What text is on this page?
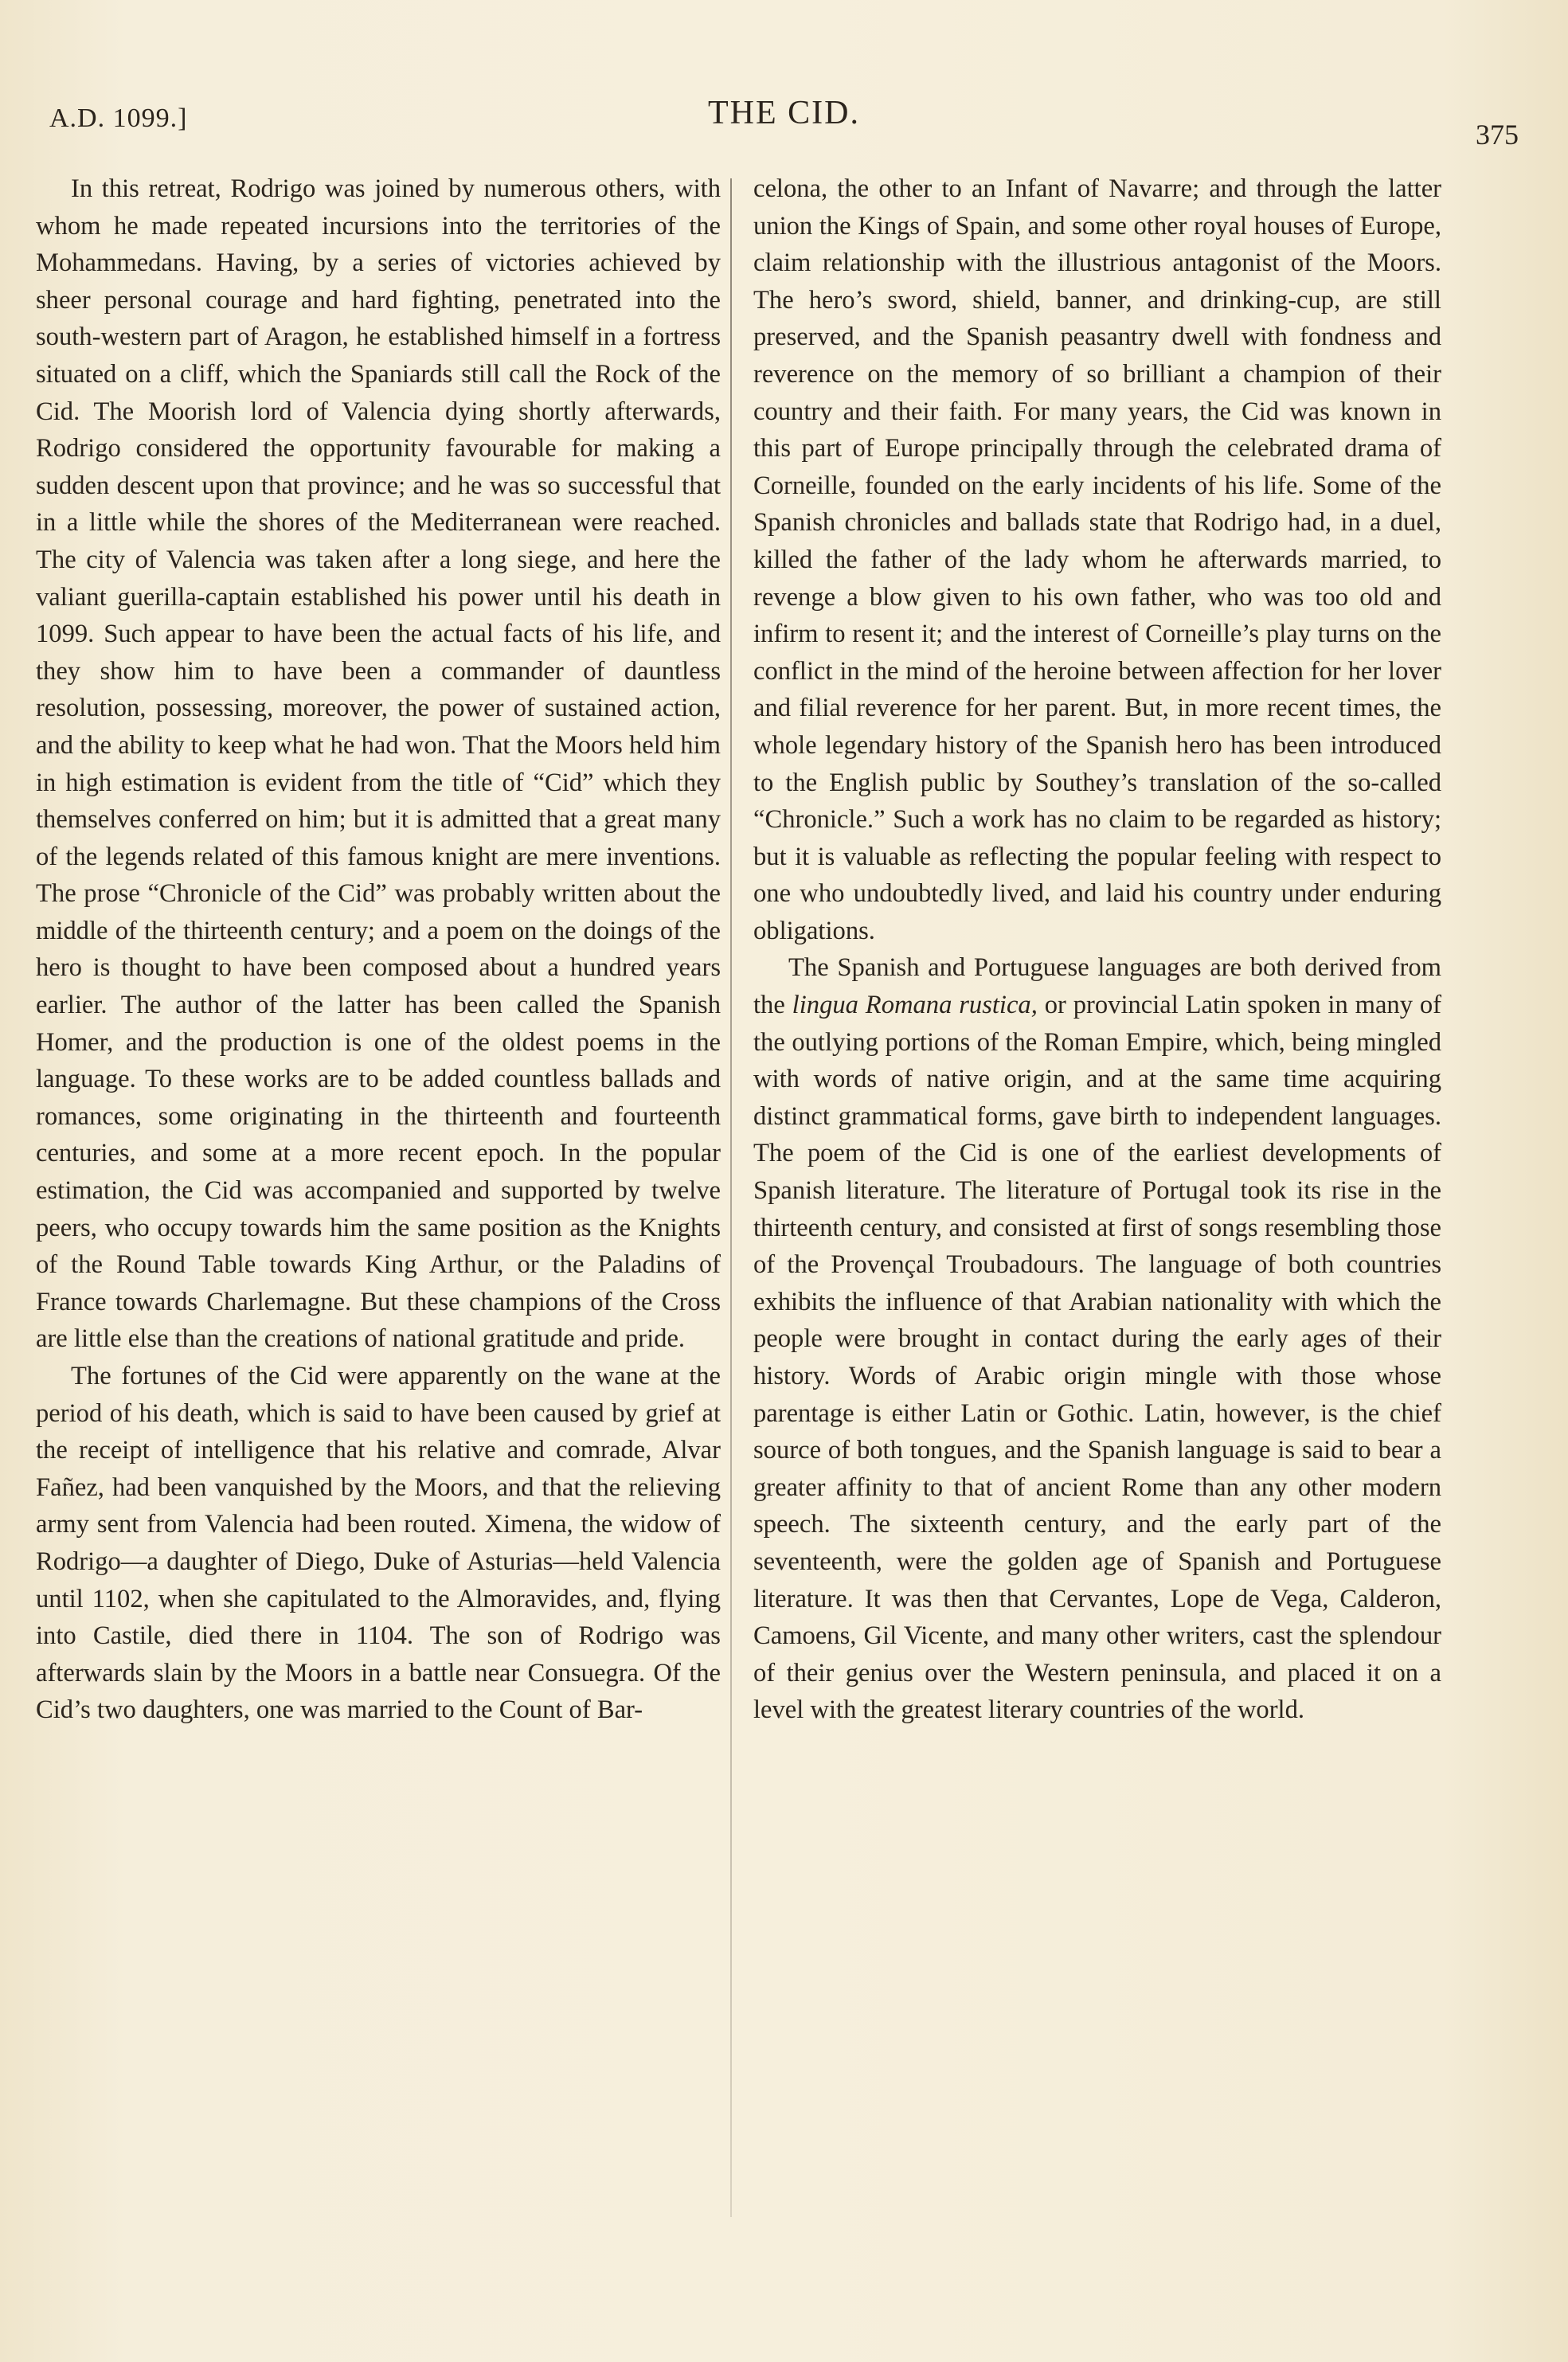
A.D. 1099.]	THE CID.
375

In this retreat, Rodrigo was joined by numerous others, with whom he made repeated incursions into the territories of the Mohammedans. Having, by a series of victories achieved by sheer personal courage and hard fighting, penetrated into the south-western part of Aragon, he established himself in a fortress situated on a cliff, which the Spaniards still call the Rock of the Cid. The Moorish lord of Valencia dying shortly afterwards, Rodrigo considered the opportunity favourable for making a sudden descent upon that province; and he was so successful that in a little while the shores of the Mediterranean were reached. The city of Valencia was taken after a long siege, and here the valiant guerilla-captain established his power until his death in 1099. Such appear to have been the actual facts of his life, and they show him to have been a commander of dauntless resolution, possessing, moreover, the power of sustained action, and the ability to keep what he had won. That the Moors held him in high estimation is evident from the title of “Cid” which they themselves conferred on him; but it is admitted that a great many of the legends related of this famous knight are mere inventions. The prose “Chronicle of the Cid” was probably written about the middle of the thirteenth century; and a poem on the doings of the hero is thought to have been composed about a hundred years earlier. The author of the latter has been called the Spanish Homer, and the production is one of the oldest poems in the language. To these works are to be added countless ballads and romances, some originating in the thirteenth and fourteenth centuries, and some at a more recent epoch. In the popular estimation, the Cid was accompanied and supported by twelve peers, who occupy towards him the same position as the Knights of the Round Table towards King Arthur, or the Paladins of France towards Charlemagne. But these champions of the Cross are little else than the creations of national gratitude and pride.

The fortunes of the Cid were apparently on the wane at the period of his death, which is said to have been caused by grief at the receipt of intelligence that his relative and comrade, Alvar Fañez, had been vanquished by the Moors, and that the relieving army sent from Valencia had been routed. Ximena, the widow of Rodrigo—a daughter of Diego, Duke of Asturias—held Valencia until 1102, when she capitulated to the Almoravides, and, flying into Castile, died there in 1104. The son of Rodrigo was afterwards slain by the Moors in a battle near Consuegra. Of the Cid’s two daughters, one was married to the Count of Bar-

celona, the other to an Infant of Navarre; and through the latter union the Kings of Spain, and some other royal houses of Europe, claim relationship with the illustrious antagonist of the Moors. The hero’s sword, shield, banner, and drinking-cup, are still preserved, and the Spanish peasantry dwell with fondness and reverence on the memory of so brilliant a champion of their country and their faith. For many years, the Cid was known in this part of Europe principally through the celebrated drama of Corneille, founded on the early incidents of his life. Some of the Spanish chronicles and ballads state that Rodrigo had, in a duel, killed the father of the lady whom he afterwards married, to revenge a blow given to his own father, who was too old and infirm to resent it; and the interest of Corneille’s play turns on the conflict in the mind of the heroine between affection for her lover and filial reverence for her parent. But, in more recent times, the whole legendary history of the Spanish hero has been introduced to the English public by Southey’s translation of the so-called “Chronicle.” Such a work has no claim to be regarded as history; but it is valuable as reflecting the popular feeling with respect to one who undoubtedly lived, and laid his country under enduring obligations.

The Spanish and Portuguese languages are both derived from the lingua Romana rustica, or provincial Latin spoken in many of the outlying portions of the Roman Empire, which, being mingled with words of native origin, and at the same time acquiring distinct grammatical forms, gave birth to independent languages. The poem of the Cid is one of the earliest developments of Spanish literature. The literature of Portugal took its rise in the thirteenth century, and consisted at first of songs resembling those of the Provençal Troubadours. The language of both countries exhibits the influence of that Arabian nationality with which the people were brought in contact during the early ages of their history. Words of Arabic origin mingle with those whose parentage is either Latin or Gothic. Latin, however, is the chief source of both tongues, and the Spanish language is said to bear a greater affinity to that of ancient Rome than any other modern speech. The sixteenth century, and the early part of the seventeenth, were the golden age of Spanish and Portuguese literature. It was then that Cervantes, Lope de Vega, Calderon, Camoens, Gil Vicente, and many other writers, cast the splendour of their genius over the Western peninsula, and placed it on a level with the greatest literary countries of the world.
